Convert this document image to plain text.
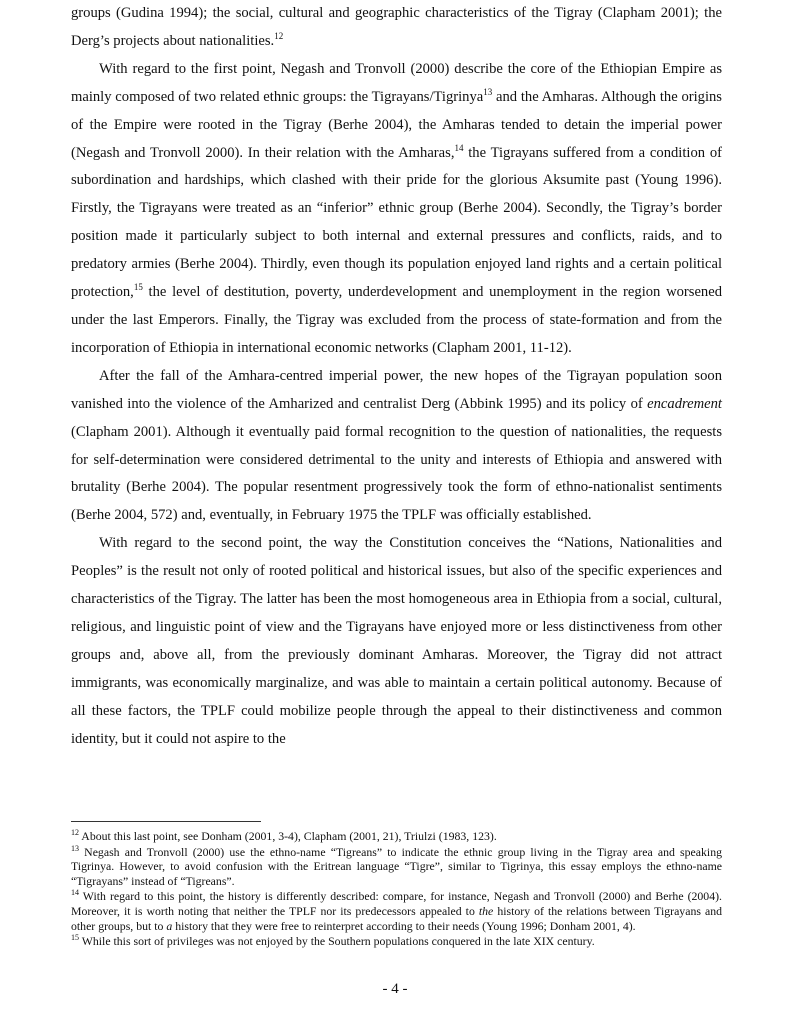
groups (Gudina 1994); the social, cultural and geographic characteristics of the Tigray (Clapham 2001); the Derg’s projects about nationalities.$^{12}$

With regard to the first point, Negash and Tronvoll (2000) describe the core of the Ethiopian Empire as mainly composed of two related ethnic groups: the Tigrayans/Tigrinya$^{13}$ and the Amharas. Although the origins of the Empire were rooted in the Tigray (Berhe 2004), the Amharas tended to detain the imperial power (Negash and Tronvoll 2000). In their relation with the Amharas,$^{14}$ the Tigrayans suffered from a condition of subordination and hardships, which clashed with their pride for the glorious Aksumite past (Young 1996). Firstly, the Tigrayans were treated as an “inferior” ethnic group (Berhe 2004). Secondly, the Tigray’s border position made it particularly subject to both internal and external pressures and conflicts, raids, and to predatory armies (Berhe 2004). Thirdly, even though its population enjoyed land rights and a certain political protection,$^{15}$ the level of destitution, poverty, underdevelopment and unemployment in the region worsened under the last Emperors. Finally, the Tigray was excluded from the process of state-formation and from the incorporation of Ethiopia in international economic networks (Clapham 2001, 11-12).

After the fall of the Amhara-centred imperial power, the new hopes of the Tigrayan population soon vanished into the violence of the Amharized and centralist Derg (Abbink 1995) and its policy of encadrement (Clapham 2001). Although it eventually paid formal recognition to the question of nationalities, the requests for self-determination were considered detrimental to the unity and interests of Ethiopia and answered with brutality (Berhe 2004). The popular resentment progressively took the form of ethno-nationalist sentiments (Berhe 2004, 572) and, eventually, in February 1975 the TPLF was officially established.

With regard to the second point, the way the Constitution conceives the “Nations, Nationalities and Peoples” is the result not only of rooted political and historical issues, but also of the specific experiences and characteristics of the Tigray. The latter has been the most homogeneous area in Ethiopia from a social, cultural, religious, and linguistic point of view and the Tigrayans have enjoyed more or less distinctiveness from other groups and, above all, from the previously dominant Amharas. Moreover, the Tigray did not attract immigrants, was economically marginalize, and was able to maintain a certain political autonomy. Because of all these factors, the TPLF could mobilize people through the appeal to their distinctiveness and common identity, but it could not aspire to the

$^{12}$ About this last point, see Donham (2001, 3-4), Clapham (2001, 21), Triulzi (1983, 123).
$^{13}$ Negash and Tronvoll (2000) use the ethno-name “Tigreans” to indicate the ethnic group living in the Tigray area and speaking Tigrinya. However, to avoid confusion with the Eritrean language “Tigre”, similar to Tigrinya, this essay employs the ethno-name “Tigrayans” instead of “Tigreans”.
$^{14}$ With regard to this point, the history is differently described: compare, for instance, Negash and Tronvoll (2000) and Berhe (2004). Moreover, it is worth noting that neither the TPLF nor its predecessors appealed to the history of the relations between Tigrayans and other groups, but to a history that they were free to reinterpret according to their needs (Young 1996; Donham 2001, 4).
$^{15}$ While this sort of privileges was not enjoyed by the Southern populations conquered in the late XIX century.
- 4 -
